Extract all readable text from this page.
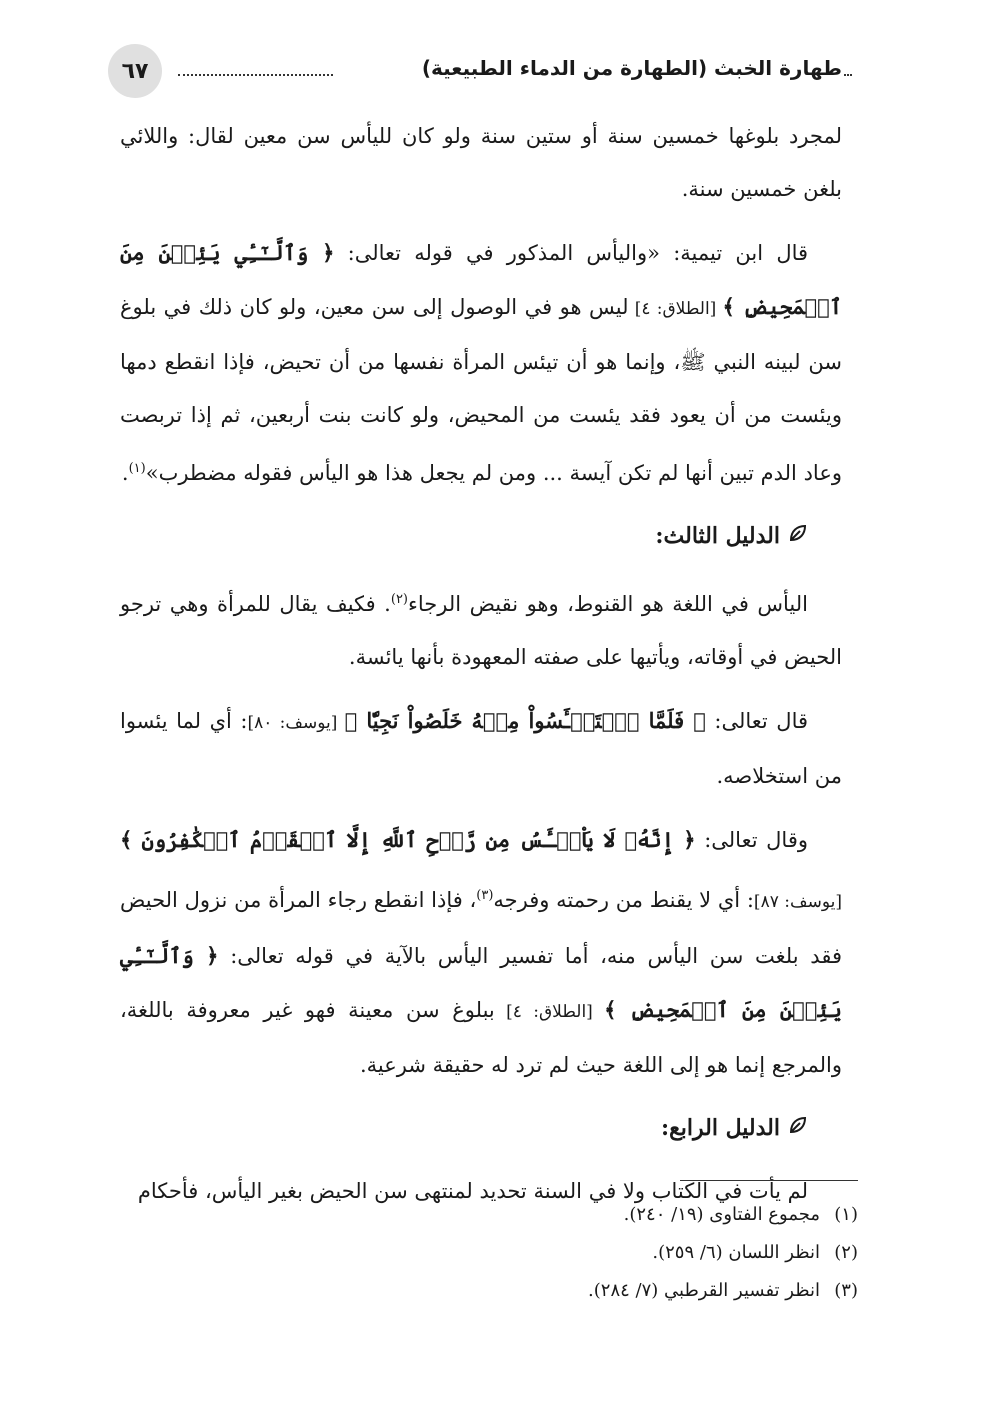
٦٧	طهارة الخبث (الطهارة من الدماء الطبيعية)

لمجرد بلوغها خمسين سنة أو ستين سنة ولو كان لليأس سن معين لقال: واللائي بلغن خمسين سنة.

قال ابن تيمية: «واليأس المذكور في قوله تعالى: ﴿ وَٱلَّـٰٓـِٔي يَئِسۡنَ مِنَ ٱلۡمَحِيضِ ﴾ [الطلاق: ٤] ليس هو في الوصول إلى سن معين، ولو كان ذلك في بلوغ سن لبينه النبي ﷺ، وإنما هو أن تيئس المرأة نفسها من أن تحيض، فإذا انقطع دمها ويئست من أن يعود فقد يئست من المحيض، ولو كانت بنت أربعين، ثم إذا تربصت وعاد الدم تبين أنها لم تكن آيسة ... ومن لم يجعل هذا هو اليأس فقوله مضطرب»$^{(١)}$.

الدليل الثالث:

اليأس في اللغة هو القنوط، وهو نقيض الرجاء$^{(٢)}$. فكيف يقال للمرأة وهي ترجو الحيض في أوقاته، ويأتيها على صفته المعهودة بأنها يائسة.

قال تعالى: ﴿ فَلَمَّا ٱسۡتَيۡـَٔسُواْ مِنۡهُ خَلَصُواْ نَجِيّٗا ﴾ [يوسف: ٨٠]: أي لما يئسوا من استخلاصه.

وقال تعالى: ﴿ إِنَّهُۥ لَا يَاْيۡـَٔسُ مِن رَّوۡحِ ٱللَّهِ إِلَّا ٱلۡقَوۡمُ ٱلۡكَٰفِرُونَ ﴾ [يوسف: ٨٧]: أي لا يقنط من رحمته وفرجه$^{(٣)}$، فإذا انقطع رجاء المرأة من نزول الحيض فقد بلغت سن اليأس منه، أما تفسير اليأس بالآية في قوله تعالى: ﴿ وَٱلَّـٰٓـِٔي يَئِسۡنَ مِنَ ٱلۡمَحِيضِ ﴾ [الطلاق: ٤] ببلوغ سن معينة فهو غير معروفة باللغة، والمرجع إنما هو إلى اللغة حيث لم ترد له حقيقة شرعية.

الدليل الرابع:

لم يأت في الكتاب ولا في السنة تحديد لمنتهى سن الحيض بغير اليأس، فأحكام

(١)مجموع الفتاوى (١٩/ ٢٤٠).
(٢)انظر اللسان (٦/ ٢٥٩).
(٣)انظر تفسير القرطبي (٧/ ٢٨٤).
